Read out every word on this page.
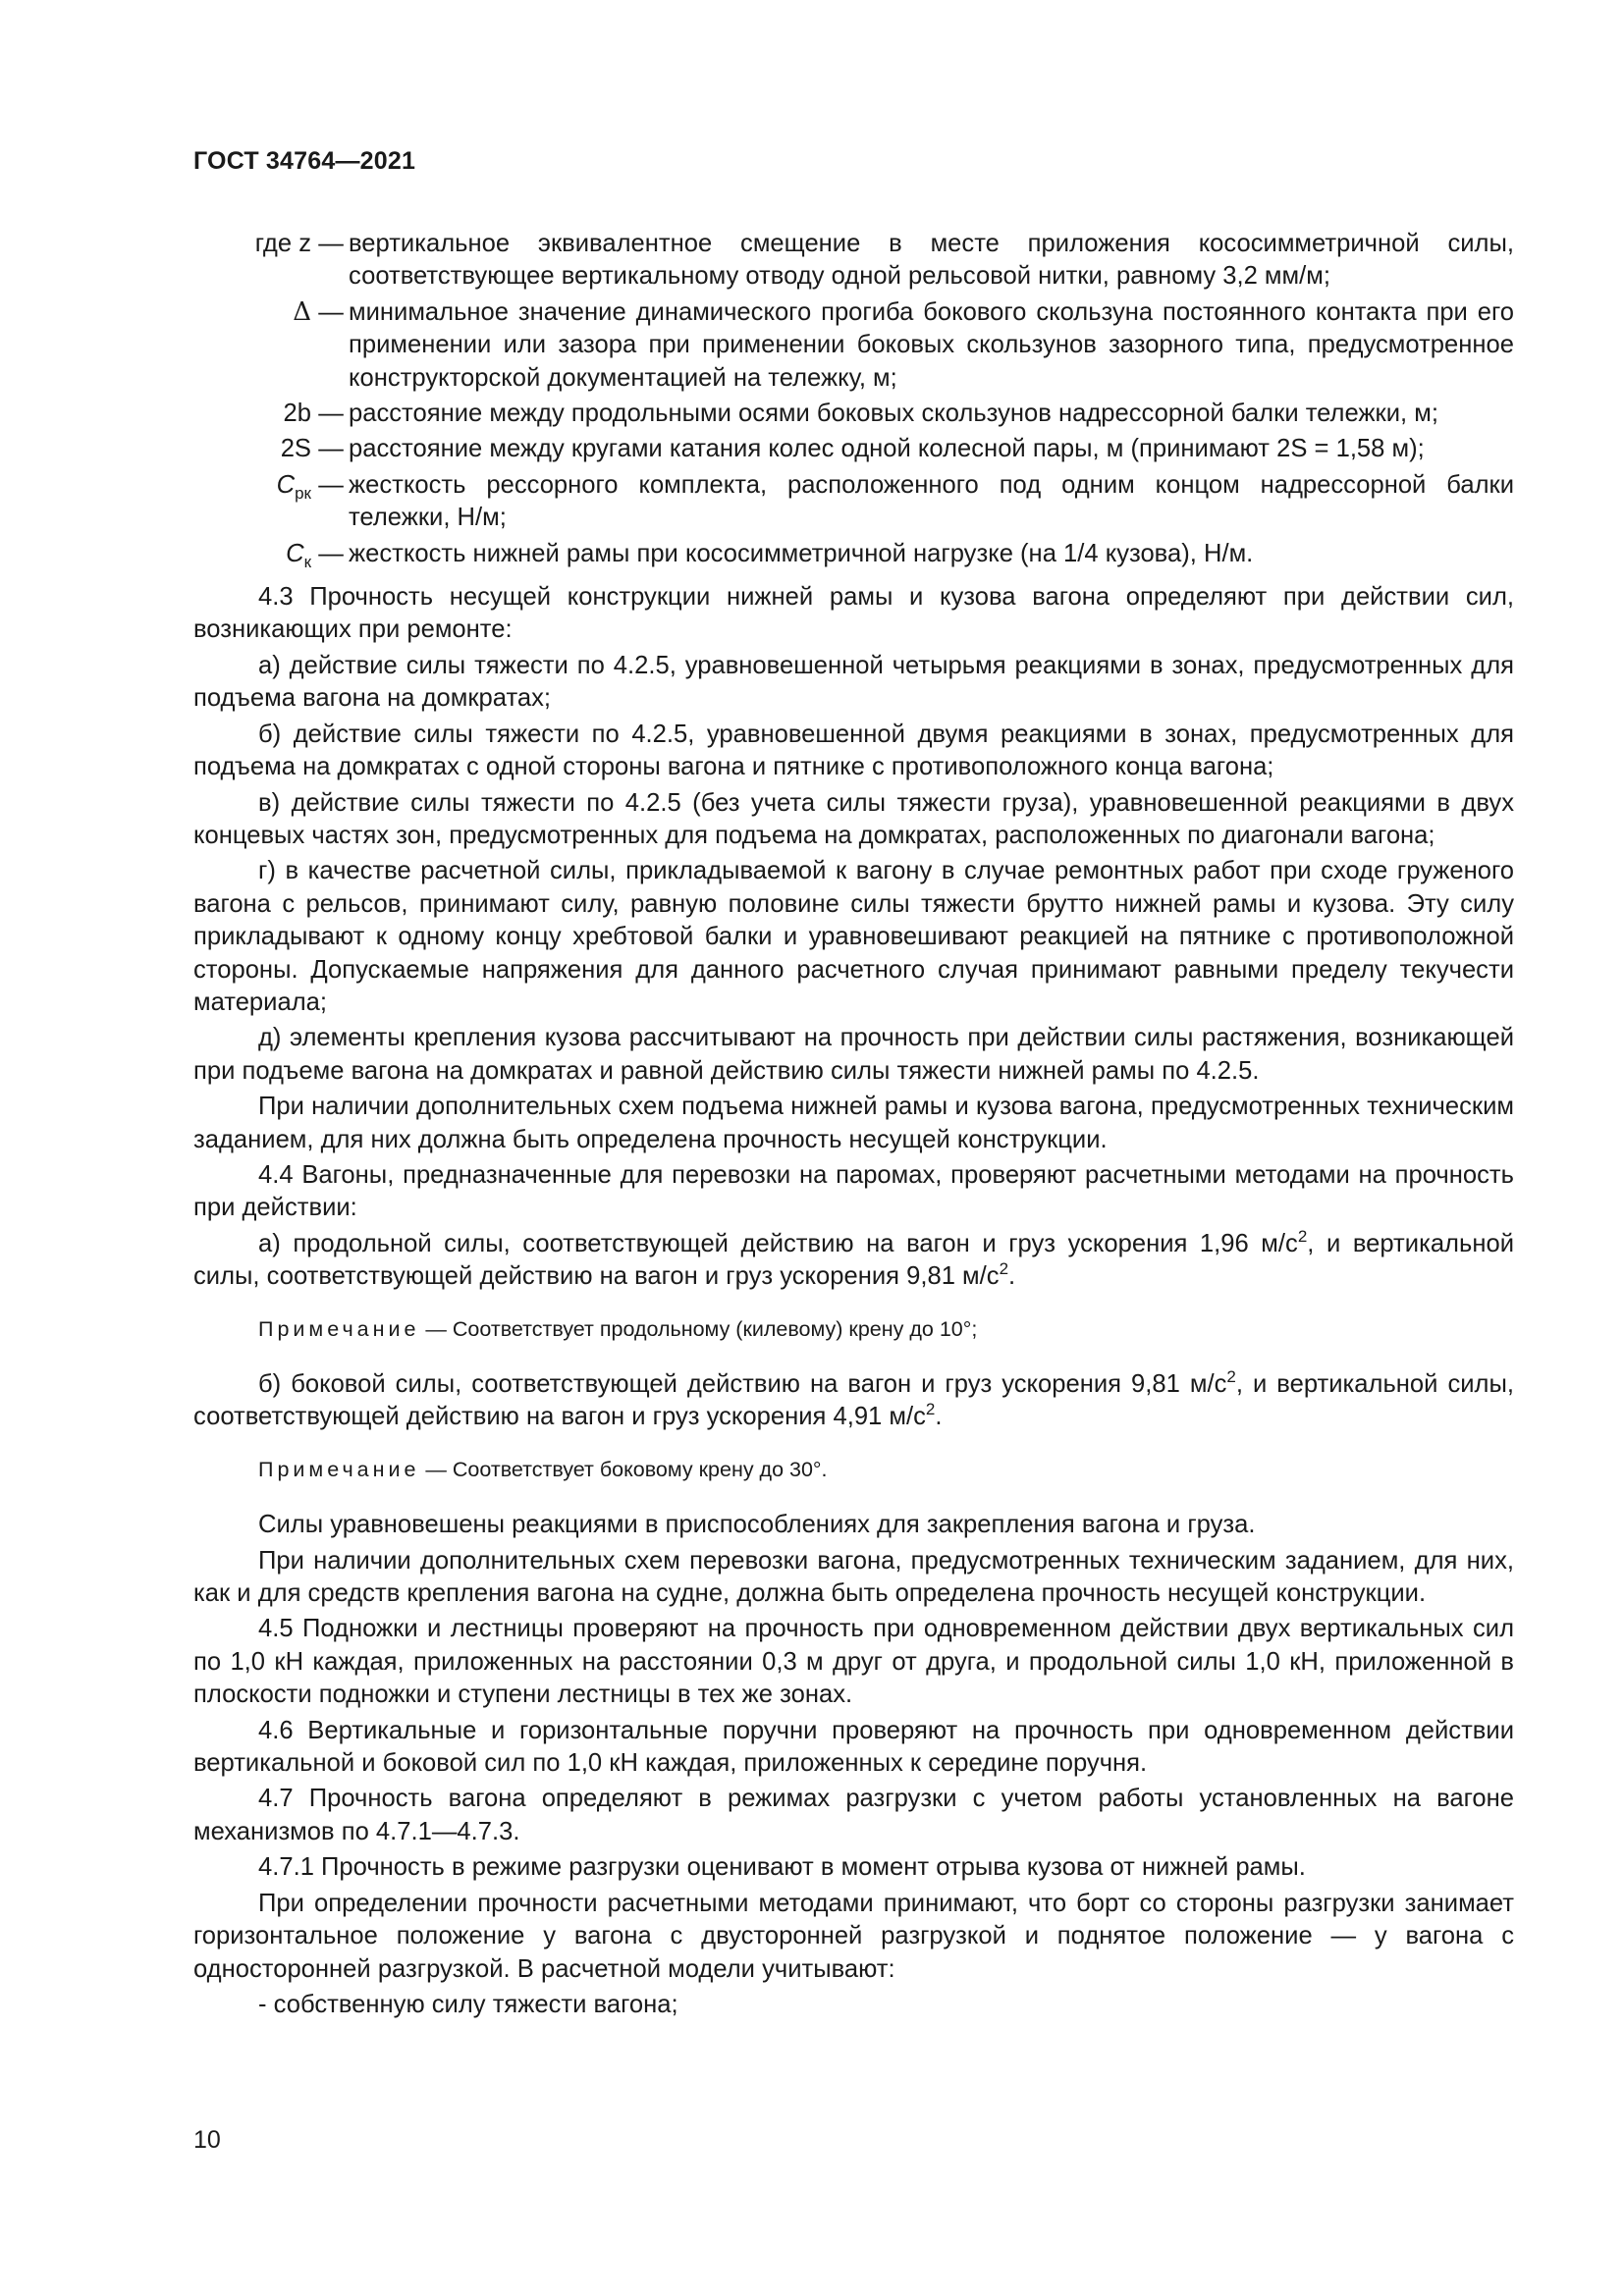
ГОСТ 34764—2021
где z — вертикальное эквивалентное смещение в месте приложения кососимметричной силы, соответствующее вертикальному отводу одной рельсовой нитки, равному 3,2 мм/м;
Δ — минимальное значение динамического прогиба бокового скользуна постоянного контакта при его применении или зазора при применении боковых скользунов зазорного типа, предусмотренное конструкторской документацией на тележку, м;
2b — расстояние между продольными осями боковых скользунов надрессорной балки тележки, м;
2S — расстояние между кругами катания колес одной колесной пары, м (принимают 2S = 1,58 м);
$C_{рк}$ — жесткость рессорного комплекта, расположенного под одним концом надрессорной балки тележки, Н/м;
$C_к$ — жесткость нижней рамы при кососимметричной нагрузке (на 1/4 кузова), Н/м.

4.3 Прочность несущей конструкции нижней рамы и кузова вагона определяют при действии сил, возникающих при ремонте:

а) действие силы тяжести по 4.2.5, уравновешенной четырьмя реакциями в зонах, предусмотренных для подъема вагона на домкратах;

б) действие силы тяжести по 4.2.5, уравновешенной двумя реакциями в зонах, предусмотренных для подъема на домкратах с одной стороны вагона и пятнике с противоположного конца вагона;

в) действие силы тяжести по 4.2.5 (без учета силы тяжести груза), уравновешенной реакциями в двух концевых частях зон, предусмотренных для подъема на домкратах, расположенных по диагонали вагона;

г) в качестве расчетной силы, прикладываемой к вагону в случае ремонтных работ при сходе груженого вагона с рельсов, принимают силу, равную половине силы тяжести брутто нижней рамы и кузова. Эту силу прикладывают к одному концу хребтовой балки и уравновешивают реакцией на пятнике с противоположной стороны. Допускаемые напряжения для данного расчетного случая принимают равными пределу текучести материала;

д) элементы крепления кузова рассчитывают на прочность при действии силы растяжения, возникающей при подъеме вагона на домкратах и равной действию силы тяжести нижней рамы по 4.2.5.

При наличии дополнительных схем подъема нижней рамы и кузова вагона, предусмотренных техническим заданием, для них должна быть определена прочность несущей конструкции.

4.4 Вагоны, предназначенные для перевозки на паромах, проверяют расчетными методами на прочность при действии:

а) продольной силы, соответствующей действию на вагон и груз ускорения 1,96 $м/с^2$, и вертикальной силы, соответствующей действию на вагон и груз ускорения 9,81 $м/с^2$.

Примечание — Соответствует продольному (килевому) крену до 10°;

б) боковой силы, соответствующей действию на вагон и груз ускорения 9,81 $м/с^2$, и вертикальной силы, соответствующей действию на вагон и груз ускорения 4,91 $м/с^2$.

Примечание — Соответствует боковому крену до 30°.

Силы уравновешены реакциями в приспособлениях для закрепления вагона и груза.

При наличии дополнительных схем перевозки вагона, предусмотренных техническим заданием, для них, как и для средств крепления вагона на судне, должна быть определена прочность несущей конструкции.

4.5 Подножки и лестницы проверяют на прочность при одновременном действии двух вертикальных сил по 1,0 кН каждая, приложенных на расстоянии 0,3 м друг от друга, и продольной силы 1,0 кН, приложенной в плоскости подножки и ступени лестницы в тех же зонах.

4.6 Вертикальные и горизонтальные поручни проверяют на прочность при одновременном действии вертикальной и боковой сил по 1,0 кН каждая, приложенных к середине поручня.

4.7 Прочность вагона определяют в режимах разгрузки с учетом работы установленных на вагоне механизмов по 4.7.1—4.7.3.

4.7.1 Прочность в режиме разгрузки оценивают в момент отрыва кузова от нижней рамы.

При определении прочности расчетными методами принимают, что борт со стороны разгрузки занимает горизонтальное положение у вагона с двусторонней разгрузкой и поднятое положение — у вагона с односторонней разгрузкой. В расчетной модели учитывают:

- собственную силу тяжести вагона;

10
